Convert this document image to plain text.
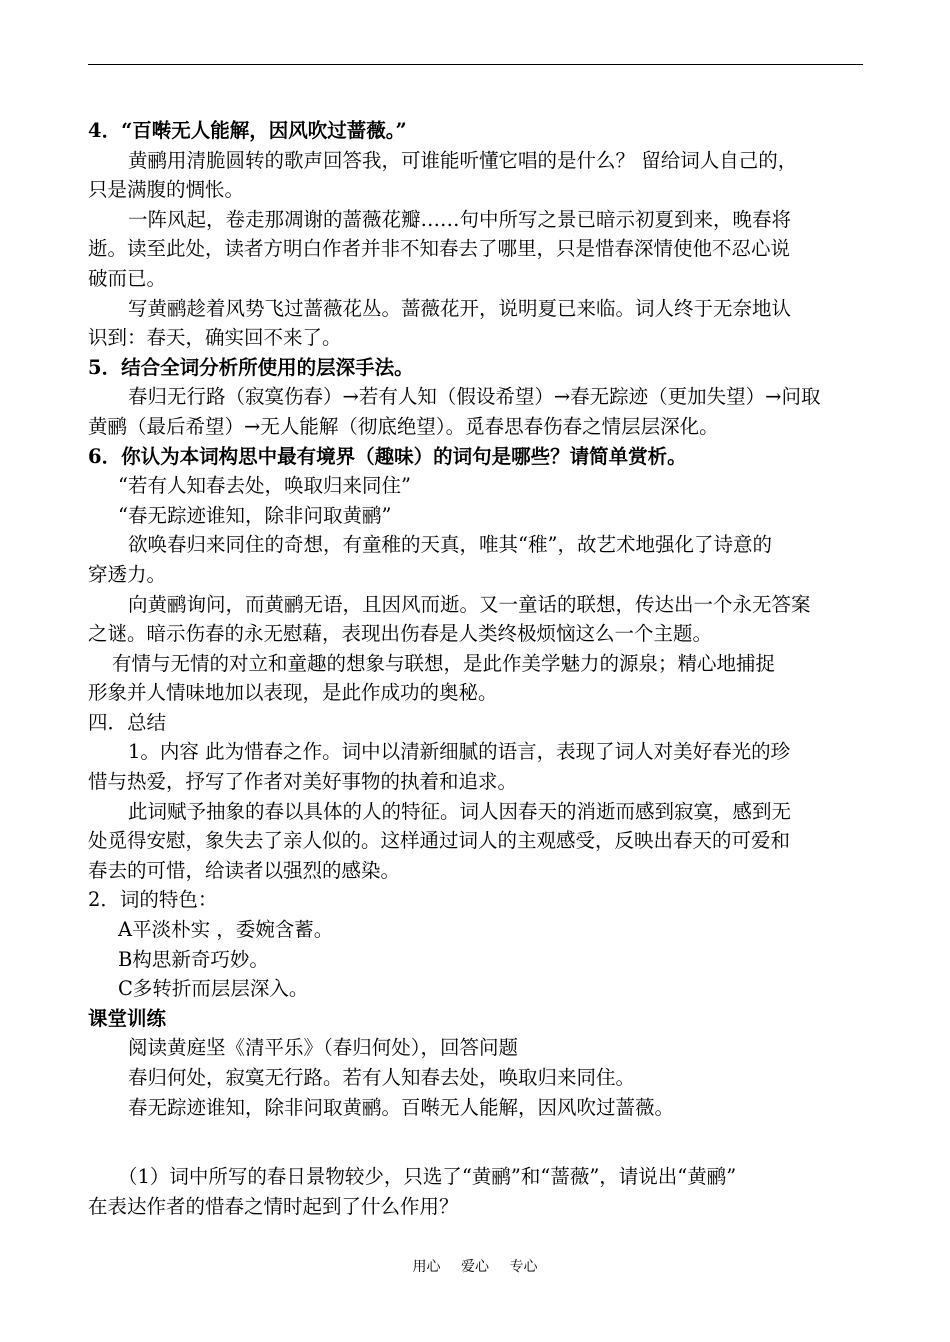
4．“百啭无人能解，因风吹过蔷薇。”
黄鹂用清脆圆转的歌声回答我，可谁能听懂它唱的是什么？ 留给词人自己的，
只是满腹的惆怅。
一阵风起，卷走那凋谢的蔷薇花瓣……句中所写之景已暗示初夏到来，晚春将
逝。读至此处，读者方明白作者并非不知春去了哪里，只是惜春深情使他不忍心说
破而已。
写黄鹂趁着风势飞过蔷薇花丛。蔷薇花开，说明夏已来临。词人终于无奈地认
识到：春天，确实回不来了。
5．结合全词分析所使用的层深手法。
春归无行路（寂寞伤春）→若有人知（假设希望）→春无踪迹（更加失望）→问取
黄鹂（最后希望）→无人能解（彻底绝望）。觅春思春伤春之情层层深化。
6．你认为本词构思中最有境界（趣味）的词句是哪些？请简单赏析。
“若有人知春去处，唤取归来同住”
“春无踪迹谁知，除非问取黄鹂”
欲唤春归来同住的奇想，有童稚的天真，唯其“稚”，故艺术地强化了诗意的
穿透力。
向黄鹂询问，而黄鹂无语，且因风而逝。又一童话的联想，传达出一个永无答案
之谜。暗示伤春的永无慰藉，表现出伤春是人类终极烦恼这么一个主题。
有情与无情的对立和童趣的想象与联想，是此作美学魅力的源泉；精心地捕捉
形象并人情味地加以表现，是此作成功的奥秘。
四．总结
1。内容 此为惜春之作。词中以清新细腻的语言，表现了词人对美好春光的珍
惜与热爱，抒写了作者对美好事物的执着和追求。
此词赋予抽象的春以具体的人的特征。词人因春天的消逝而感到寂寞，感到无
处觅得安慰，象失去了亲人似的。这样通过词人的主观感受，反映出春天的可爱和
春去的可惜，给读者以强烈的感染。
2．词的特色：
A平淡朴实 ，委婉含蓄。
B构思新奇巧妙。
C多转折而层层深入。
课堂训练
阅读黄庭坚《清平乐》（春归何处），回答问题
春归何处，寂寞无行路。若有人知春去处，唤取归来同住。
春无踪迹谁知，除非问取黄鹂。百啭无人能解，因风吹过蔷薇。
（1）词中所写的春日景物较少，只选了“黄鹂”和“蔷薇”，请说出“黄鹂”
在表达作者的惜春之情时起到了什么作用？
用心 爱心 专心
